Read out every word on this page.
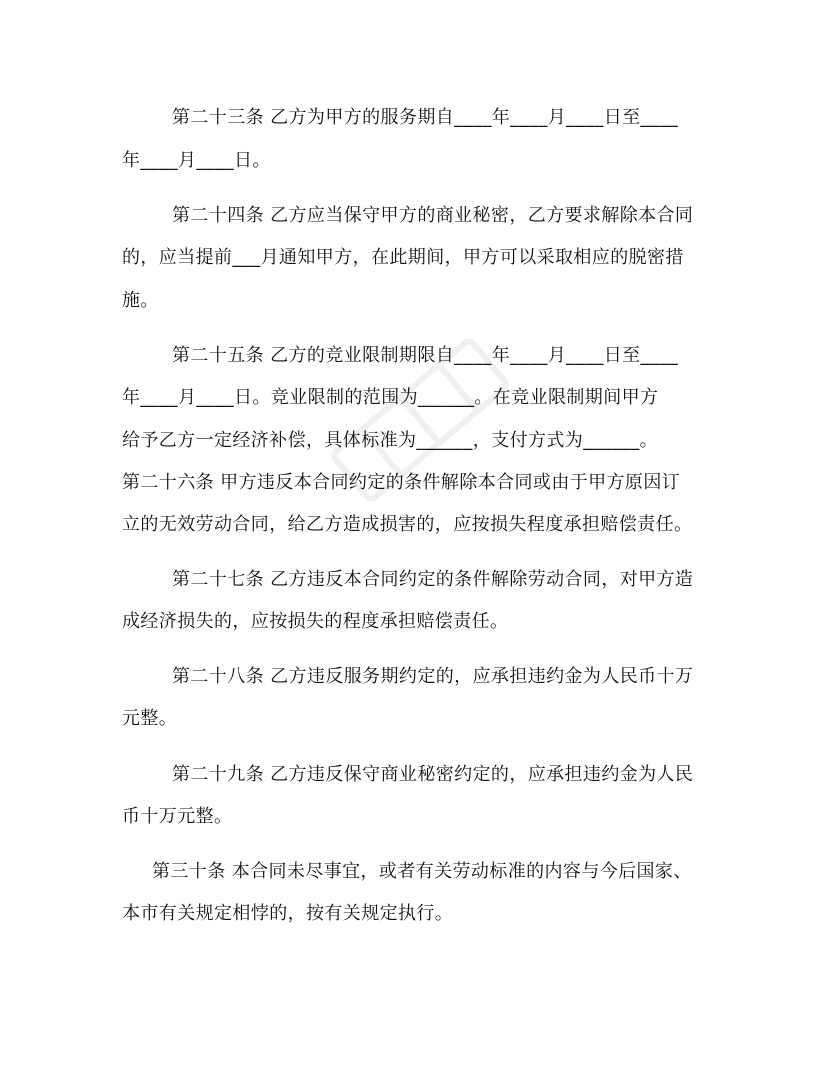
第二十三条 乙方为甲方的服务期自____年____月____日至____
年____月____日。
第二十四条 乙方应当保守甲方的商业秘密，乙方要求解除本合同
的，应当提前___月通知甲方，在此期间，甲方可以采取相应的脱密措
施。
第二十五条 乙方的竞业限制期限自____年____月____日至____
年____月____日。竞业限制的范围为______。在竞业限制期间甲方
给予乙方一定经济补偿，具体标准为______，支付方式为______。
第二十六条 甲方违反本合同约定的条件解除本合同或由于甲方原因订
立的无效劳动合同，给乙方造成损害的，应按损失程度承担赔偿责任。
第二十七条 乙方违反本合同约定的条件解除劳动合同，对甲方造
成经济损失的，应按损失的程度承担赔偿责任。
第二十八条 乙方违反服务期约定的，应承担违约金为人民币十万
元整。
第二十九条 乙方违反保守商业秘密约定的，应承担违约金为人民
币十万元整。
第三十条 本合同未尽事宜，或者有关劳动标准的内容与今后国家、
本市有关规定相悖的，按有关规定执行。
